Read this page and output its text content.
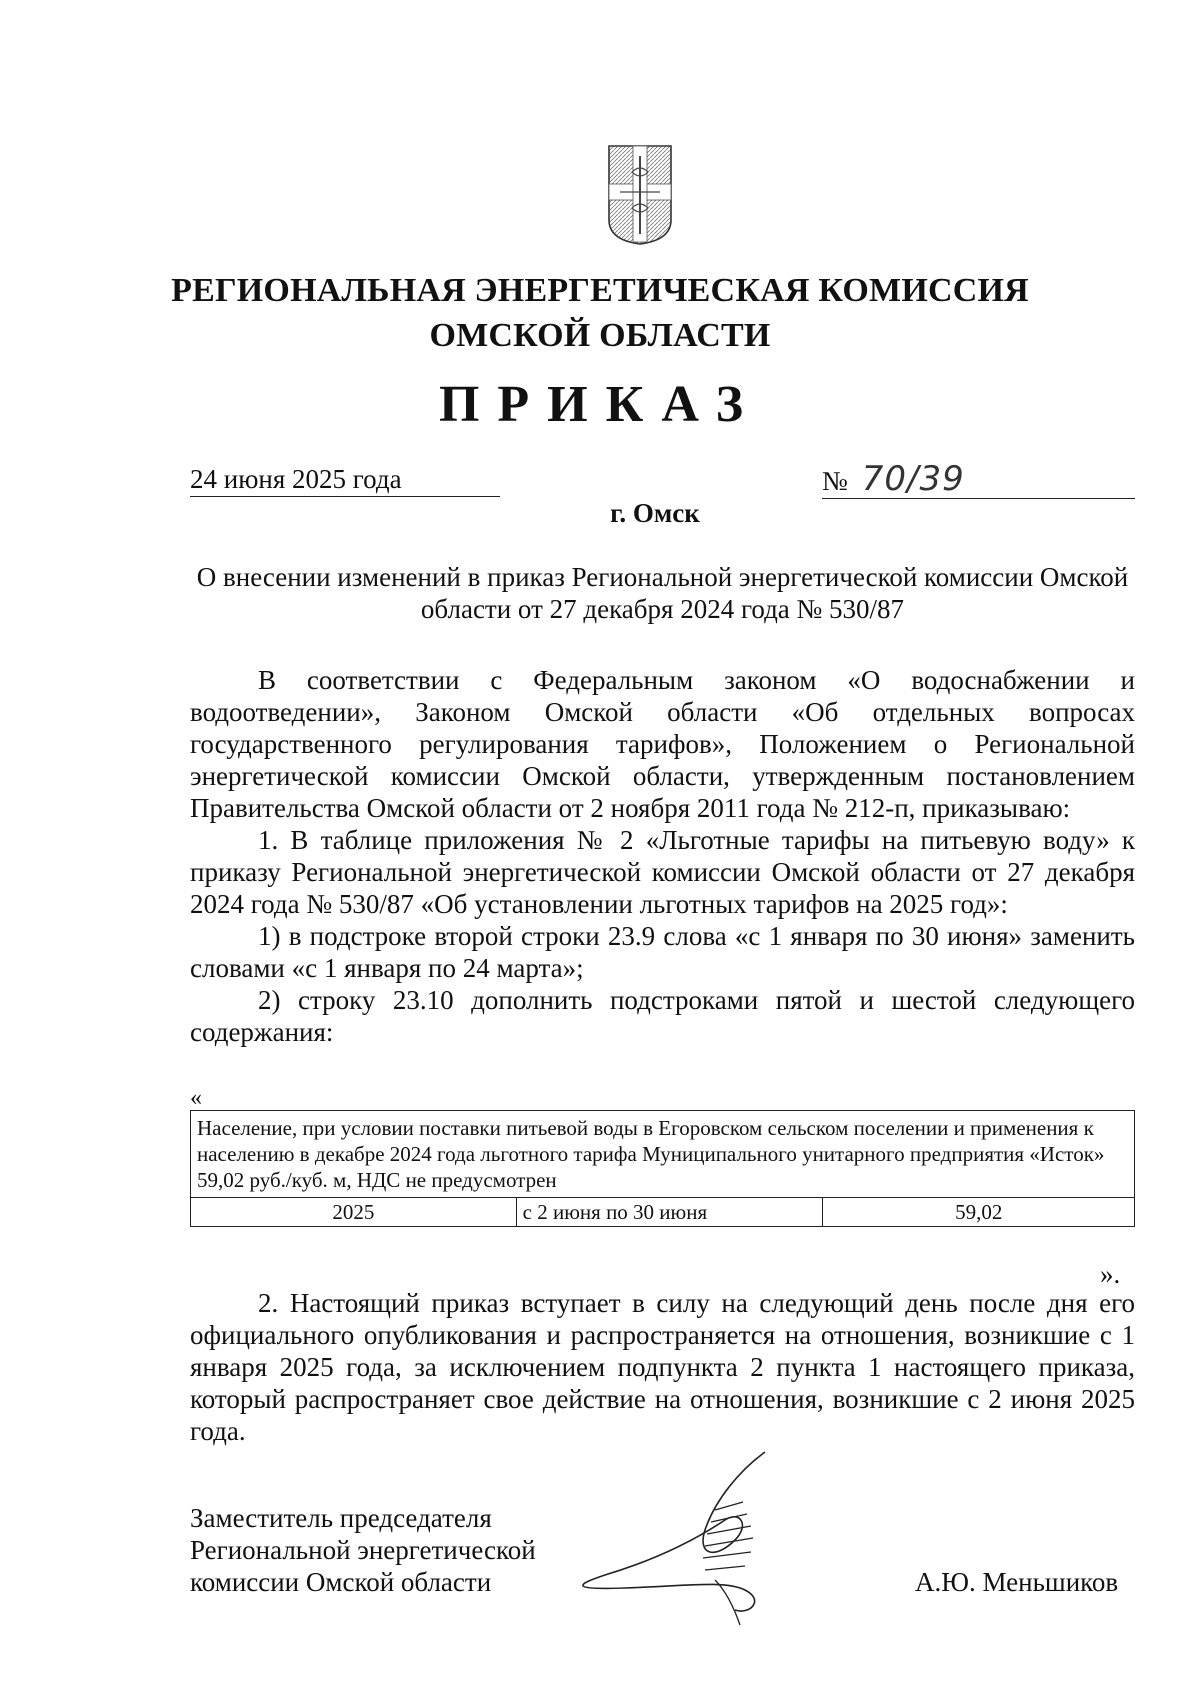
РЕГИОНАЛЬНАЯ ЭНЕРГЕТИЧЕСКАЯ КОМИССИЯ
ОМСКОЙ ОБЛАСТИ
ПРИКАЗ
24 июня 2025 года	№ 70/39
г. Омск
О внесении изменений в приказ Региональной энергетической комиссии Омской области от 27 декабря 2024 года № 530/87

В соответствии с Федеральным законом «О водоснабжении и водоотведении», Законом Омской области «Об отдельных вопросах государственного регулирования тарифов», Положением о Региональной энергетической комиссии Омской области, утвержденным постановлением Правительства Омской области от 2 ноября 2011 года № 212-п, приказываю:

1. В таблице приложения № 2 «Льготные тарифы на питьевую воду» к приказу Региональной энергетической комиссии Омской области от 27 декабря 2024 года № 530/87 «Об установлении льготных тарифов на 2025 год»:

1) в подстроке второй строки 23.9 слова «с 1 января по 30 июня» заменить словами «с 1 января по 24 марта»;

2) строку 23.10 дополнить подстроками пятой и шестой следующего содержания:

«
Население, при условии поставки питьевой воды в Егоровском сельском поселении и применения к населению в декабре 2024 года льготного тарифа Муниципального унитарного предприятия «Исток» 59,02 руб./куб. м, НДС не предусмотрен
2025	с 2 июня по 30 июня	59,02
».

2. Настоящий приказ вступает в силу на следующий день после дня его официального опубликования и распространяется на отношения, возникшие с 1 января 2025 года, за исключением подпункта 2 пункта 1 настоящего приказа, который распространяет свое действие на отношения, возникшие с 2 июня 2025 года.

Заместитель председателя
Региональной энергетической
комиссии Омской области	А.Ю. Меньшиков
